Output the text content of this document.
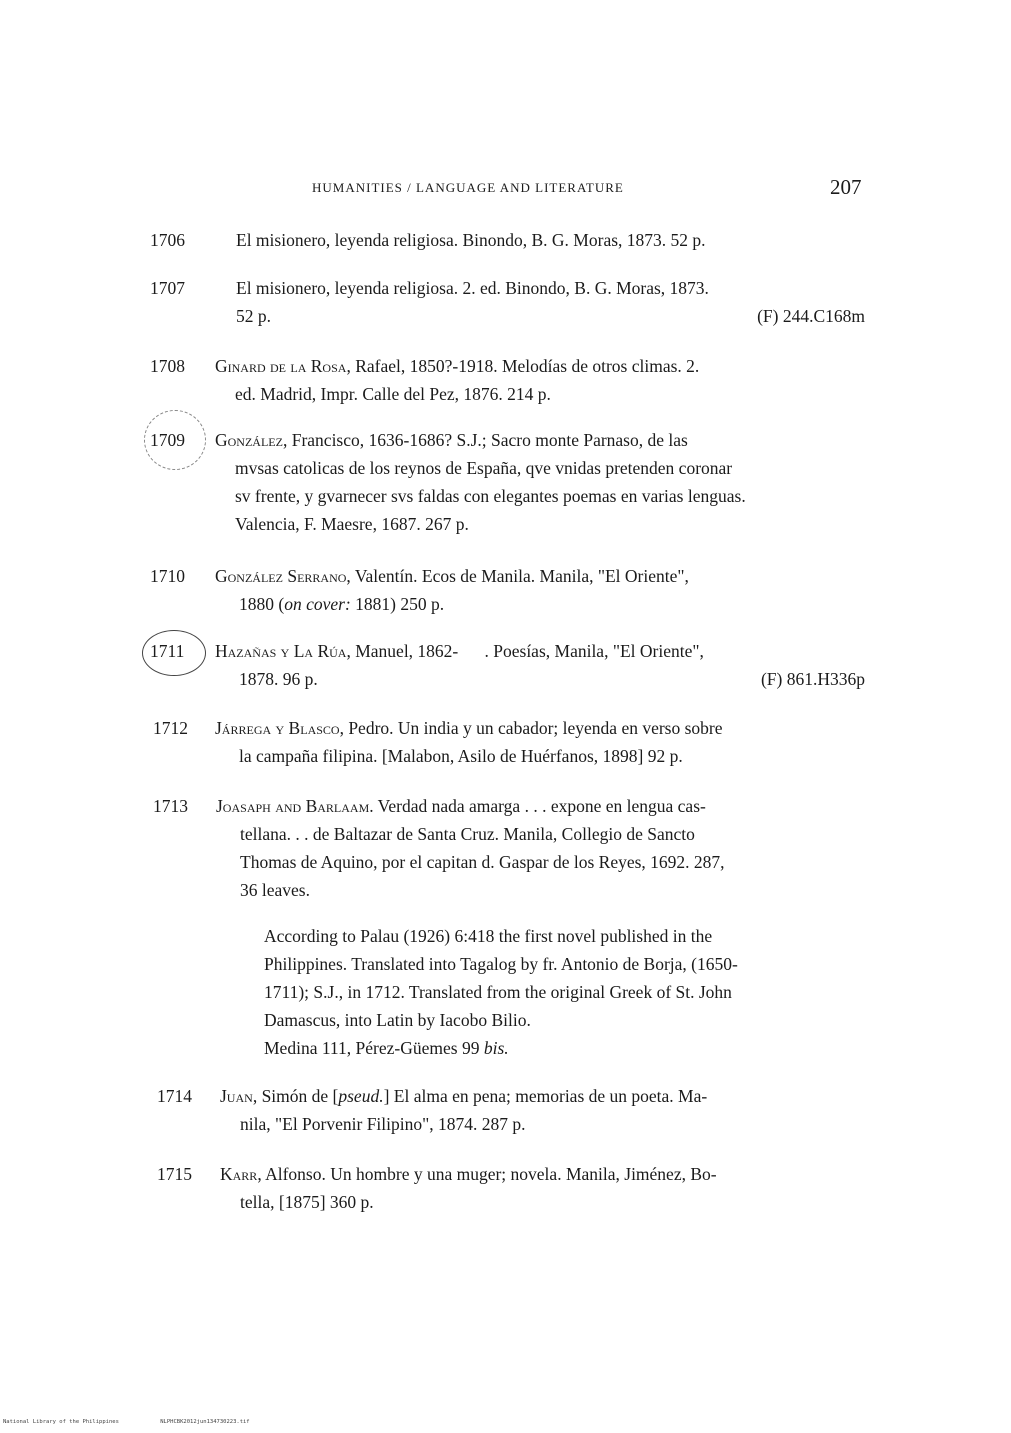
HUMANITIES / LANGUAGE AND LITERATURE	207
1706	El misionero, leyenda religiosa. Binondo, B. G. Moras, 1873. 52 p.
1707	El misionero, leyenda religiosa. 2. ed. Binondo, B. G. Moras, 1873.
52 p.	(F) 244.C168m
1708	Ginard de la Rosa, Rafael, 1850?-1918. Melodías de otros climas. 2.
ed. Madrid, Impr. Calle del Pez, 1876. 214 p.
1709	González, Francisco, 1636-1686? S.J.; Sacro monte Parnaso, de las
mvsas catolicas de los reynos de España, qve vnidas pretenden coronar
sv frente, y gvarnecer svs faldas con elegantes poemas en varias lenguas.
Valencia, F. Maesre, 1687. 267 p.
1710	González Serrano, Valentín. Ecos de Manila. Manila, "El Oriente",
1880 (on cover: 1881) 250 p.
1711	Hazañas y La Rúa, Manuel, 1862-      . Poesías, Manila, "El Oriente",
1878. 96 p.	(F) 861.H336p
1712	Járrega y Blasco, Pedro. Un india y un cabador; leyenda en verso sobre
la campaña filipina. [Malabon, Asilo de Huérfanos, 1898] 92 p.
1713	Joasaph and Barlaam. Verdad nada amarga . . . expone en lengua cas-
tellana. . . de Baltazar de Santa Cruz. Manila, Collegio de Sancto
Thomas de Aquino, por el capitan d. Gaspar de los Reyes, 1692. 287,
36 leaves.
According to Palau (1926) 6:418 the first novel published in the
Philippines. Translated into Tagalog by fr. Antonio de Borja, (1650-
1711); S.J., in 1712. Translated from the original Greek of St. John
Damascus, into Latin by Iacobo Bilio.
Medina 111, Pérez-Güemes 99 bis.
1714	Juan, Simón de [pseud.] El alma en pena; memorias de un poeta. Ma-
nila, "El Porvenir Filipino", 1874. 287 p.
1715	Karr, Alfonso. Un hombre y una muger; novela. Manila, Jiménez, Bo-
tella, [1875] 360 p.
National Library of the Philippines	NLPHCBK2012jun134730223.tif
